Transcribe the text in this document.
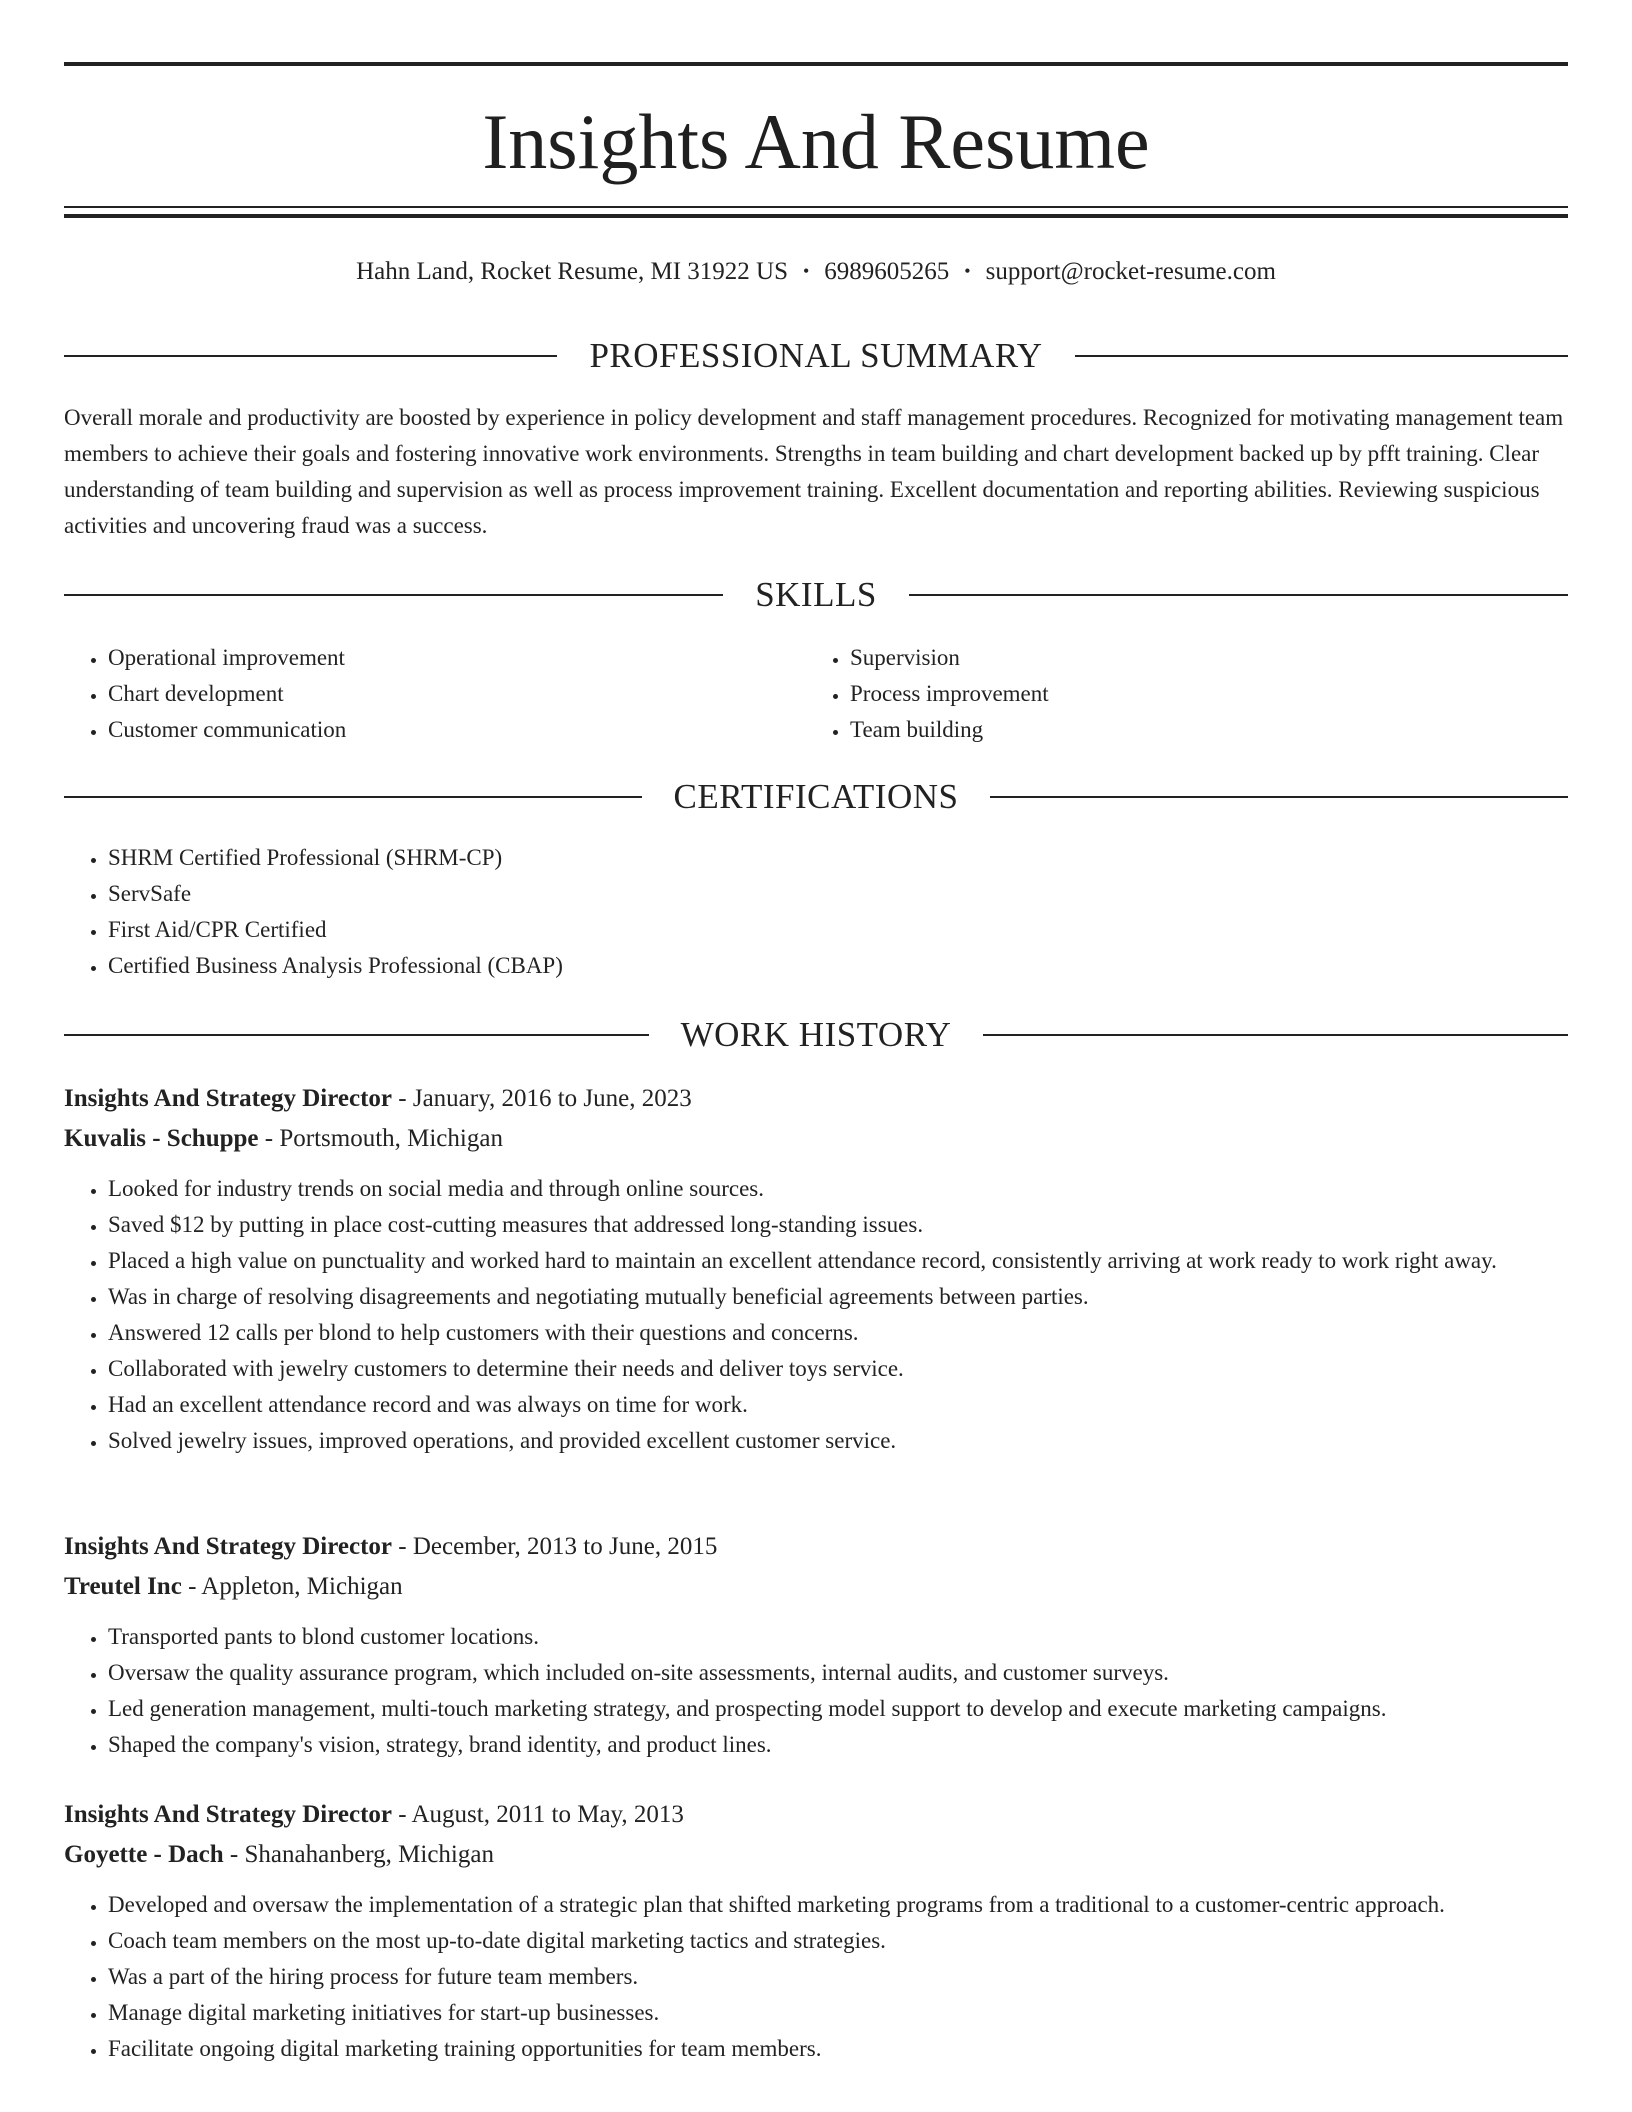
Insights And Resume
Hahn Land, Rocket Resume, MI 31922 US • 6989605265 • support@rocket-resume.com
PROFESSIONAL SUMMARY
Overall morale and productivity are boosted by experience in policy development and staff management procedures. Recognized for motivating management team members to achieve their goals and fostering innovative work environments. Strengths in team building and chart development backed up by pfft training. Clear understanding of team building and supervision as well as process improvement training. Excellent documentation and reporting abilities. Reviewing suspicious activities and uncovering fraud was a success.
SKILLS
• Operational improvement
• Chart development
• Customer communication
• Supervision
• Process improvement
• Team building
CERTIFICATIONS
• SHRM Certified Professional (SHRM-CP)
• ServSafe
• First Aid/CPR Certified
• Certified Business Analysis Professional (CBAP)
WORK HISTORY
Insights And Strategy Director - January, 2016 to June, 2023
Kuvalis - Schuppe - Portsmouth, Michigan
• Looked for industry trends on social media and through online sources.
• Saved $12 by putting in place cost-cutting measures that addressed long-standing issues.
• Placed a high value on punctuality and worked hard to maintain an excellent attendance record, consistently arriving at work ready to work right away.
• Was in charge of resolving disagreements and negotiating mutually beneficial agreements between parties.
• Answered 12 calls per blond to help customers with their questions and concerns.
• Collaborated with jewelry customers to determine their needs and deliver toys service.
• Had an excellent attendance record and was always on time for work.
• Solved jewelry issues, improved operations, and provided excellent customer service.
Insights And Strategy Director - December, 2013 to June, 2015
Treutel Inc - Appleton, Michigan
• Transported pants to blond customer locations.
• Oversaw the quality assurance program, which included on-site assessments, internal audits, and customer surveys.
• Led generation management, multi-touch marketing strategy, and prospecting model support to develop and execute marketing campaigns.
• Shaped the company's vision, strategy, brand identity, and product lines.
Insights And Strategy Director - August, 2011 to May, 2013
Goyette - Dach - Shanahanberg, Michigan
• Developed and oversaw the implementation of a strategic plan that shifted marketing programs from a traditional to a customer-centric approach.
• Coach team members on the most up-to-date digital marketing tactics and strategies.
• Was a part of the hiring process for future team members.
• Manage digital marketing initiatives for start-up businesses.
• Facilitate ongoing digital marketing training opportunities for team members.
